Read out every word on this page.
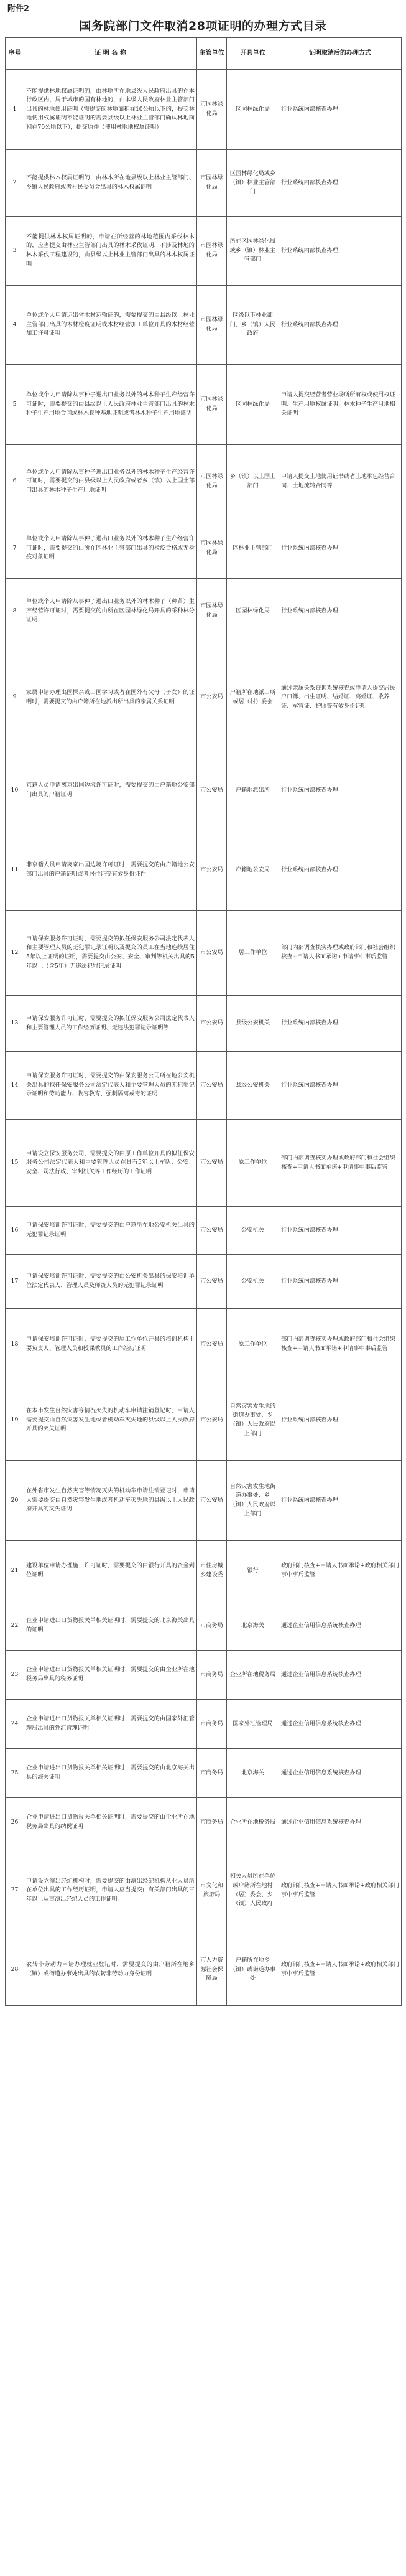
附件2
国务院部门文件取消28项证明的办理方式目录
序号	证 明 名 称	主管单位	开具单位	证明取消后的办理方式
1	不能提供林地权属证明的，由林地所在地县级人民政府出具的在本行政区内，属于城市的国有林地的，由本级人民政府林业主管部门出具的林地使用证明（需提交的林地面积在10公顷以下的，提交林地使用权属证明不能证明的需要县级以上林业主管部门确认林地面积在70公顷以下），提交原件（使用林地地权属证明）	市园林绿化局	区园林绿化局	行业系统内部核查办理
2	不能提供林木权属证明的，由林木所在地县级以上林业主管部门、乡镇人民政府或者村民委员会出具的林木权属证明	市园林绿化局	区园林绿化局或乡（镇）林业主管部门	行业系统内部核查办理
3	不能提供林木权属证明的，申请在所经营的林地范围内采伐林木的，应当提交由林业主管部门出具的林木采伐证明，不涉及林地的林木采伐工程建设的，由县级以上林业主管部门出具的林木权属证明	市园林绿化局	所在区园林绿化局或乡（镇）林业主管部门	行业系统内部核查办理
4	单位或个人申请运出省木材运输证的，需要提交的由县级以上林业主管部门出具的木材检疫证明或木材经营加工单位开具的木材经营加工许可证明	市园林绿化局	区级以下林业部门，乡（镇）人民政府	行业系统内部核查办理
5	单位或个人申请除从事种子进出口业务以外的林木种子生产经营许可证时，需要提交的由县级以上人民政府林业主管部门出具的林木种子生产用地合同或林木良种基地证明或者林木种子生产用地证明	市园林绿化局	区园林绿化局	申请人提交经营者营业场所所有权或使用权证明、生产用地权属证明、林木种子生产用地相关证明
6	单位或个人申请除从事种子进出口业务以外的林木种子生产经营许可证时，需要提交的由县级以上人民政府或者乡（镇）以上国土部门出具的林木种子生产用地证明	市园林绿化局	乡（镇）以上国土部门	申请人提交土地使用证书或者土地承包经营合同、土地流转合同等
7	单位或个人申请除从事种子进出口业务以外的林木种子生产经营许可证时，需要提交的由所在区林业主管部门出具的检疫合格或无检疫对象证明	市园林绿化局	区林业主管部门	行业系统内部核查办理
8	单位或个人申请除从事种子进出口业务以外的林木种子（种苗）生产经营许可证时，需要提交的由所在区园林绿化局开具的采种林分证明	市园林绿化局	区园林绿化局	行业系统内部核查办理
9	家属申请办理出国探亲或出国学习或者在国外有父母（子女）的证明时，需要提交的由户籍所在地派出所出具的亲属关系证明	市公安局	户籍所在地派出所或居（村）委会	通过亲属关系查询系统核查或申请人提交居民户口簿、出生证明、结婚证、离婚证、收养证、军官证、护照等有效身份证明
10	京籍人员申请离京出国边境许可证时，需要提交的由户籍地公安部门出具的户籍证明	市公安局	户籍地派出所	行业系统内部核查办理
11	非京籍人员申请离京出国边境许可证时，需要提交的由户籍地公安部门出具的户籍证明或者居住证等有效身份证件	市公安局	户籍地公安局	行业系统内部核查办理
12	申请保安服务许可证时，需要提交的拟任保安服务公司法定代表人和主要管理人员的无犯罪记录证明以及提交的员工在当地连续居住5年以上证明的证明，需要提交由公安、安全、审判等机关出具的5年以上（含5年）无违法犯罪记录证明	市公安局	居工作单位	部门内部调查核实办理或政府部门和社会组织核查+申请人书面承诺+申请事中事后监管
13	申请保安服务许可证时，需要提交的拟任保安服务公司法定代表人和主要管理人员的工作经历证明、无违法犯罪记录证明等	市公安局	县级公安机关	行业系统内部核查办理
14	申请保安服务许可证时，需要提交的由保安服务公司所在地公安机关出具的拟任保安服务公司法定代表人和主要管理人员的无犯罪记录证明和劳动能力、收容教育、强制隔离戒毒的证明	市公安局	县级公安机关	行业系统内部核查办理
15	申请设立保安服务公司，需要提交的由原工作单位开具的拟任保安服务公司法定代表人和主要管理人员在具有5年以上军队、公安、安全、司法行政、审判机关等工作经历的工作证明	市公安局	原工作单位	部门内部调查核实办理或政府部门和社会组织核查+申请人书面承诺+申请事中事后监管
16	申请保安培训许可证时，需要提交的由户籍所在地公安机关出具的无犯罪记录证明	市公安局	公安机关	行业系统内部核查办理
17	申请保安培训许可证时，需要提交的由公安机关出具的保安培训单位法定代表人、管理人员及师资人员的无犯罪记录证明	市公安局	公安机关	行业系统内部核查办理
18	申请保安培训许可证时，需要提交的原工作单位开具的培训机构主要负责人、管理人员和授课教员的工作经历证明	市公安局	原工作单位	部门内部调查核实办理或政府部门和社会组织核查+申请人书面承诺+申请事中事后监管
19	在本市发生自然灾害等情况灭失的机动车申请注销登记时，申请人需要提交由自然灾害发生地或者机动车灭失地的县级以上人民政府开具的灭失证明	市公安局	自然灾害发生地的街道办事处、乡（镇）人民政府以上部门	行业系统内部核查办理
20	在外省市发生自然灾害等情况灭失的机动车申请注销登记时，申请人需要提交由自然灾害发生地或者机动车灭失地的县级以上人民政府开具的灭失证明	市公安局	自然灾害发生地街道办事处、乡（镇）人民政府以上部门	行业系统内部核查办理
21	建设单位申请办理施工许可证时，需要提交的由银行开具的资金到位证明	市住房城乡建设委	银行	政府部门核查+申请人书面承诺+政府相关部门事中事后监管
22	企业申请进出口货物报关单相关证明时，需要提交的北京海关出具的证明	市商务局	北京海关	通过企业信用信息系统核查办理
23	企业申请进出口货物报关单相关证明时，需要提交的由企业所在地税务局出具的税务证明	市商务局	企业所在地税务局	通过企业信用信息系统核查办理
24	企业申请进出口货物报关单相关证明时，需要提交的由国家外汇管理局出具的外汇管理证明	市商务局	国家外汇管理局	通过企业信用信息系统核查办理
25	企业申请进出口货物报关单相关证明时，需要提交的由北京海关出具的海关证明	市商务局	北京海关	通过企业信用信息系统核查办理
26	企业申请进出口货物报关单相关证明时，需要提交的由企业所在地税务局出具的纳税证明	市商务局	企业所在地税务局	通过企业信用信息系统核查办理
27	申请设立演出经纪机构时，需要提交的由演出经纪机构从业人员所在单位出具的工作经历证明，申请人应当提交由有关部门出具的三年以上从事演出经纪人员的工作证明	市文化和旅游局	相关人员所在单位或户籍所在地村（居）委会、乡（镇）人民政府	政府部门核查+申请人书面承诺+政府相关部门事中事后监管
28	农转非劳动力申请办理就业登记时，需要提交的由户籍所在地乡（镇）或街道办事处出具的农转非劳动力身份证明	市人力资源社会保障局	户籍所在地乡（镇）或街道办事处	政府部门核查+申请人书面承诺+政府相关部门事中事后监管
